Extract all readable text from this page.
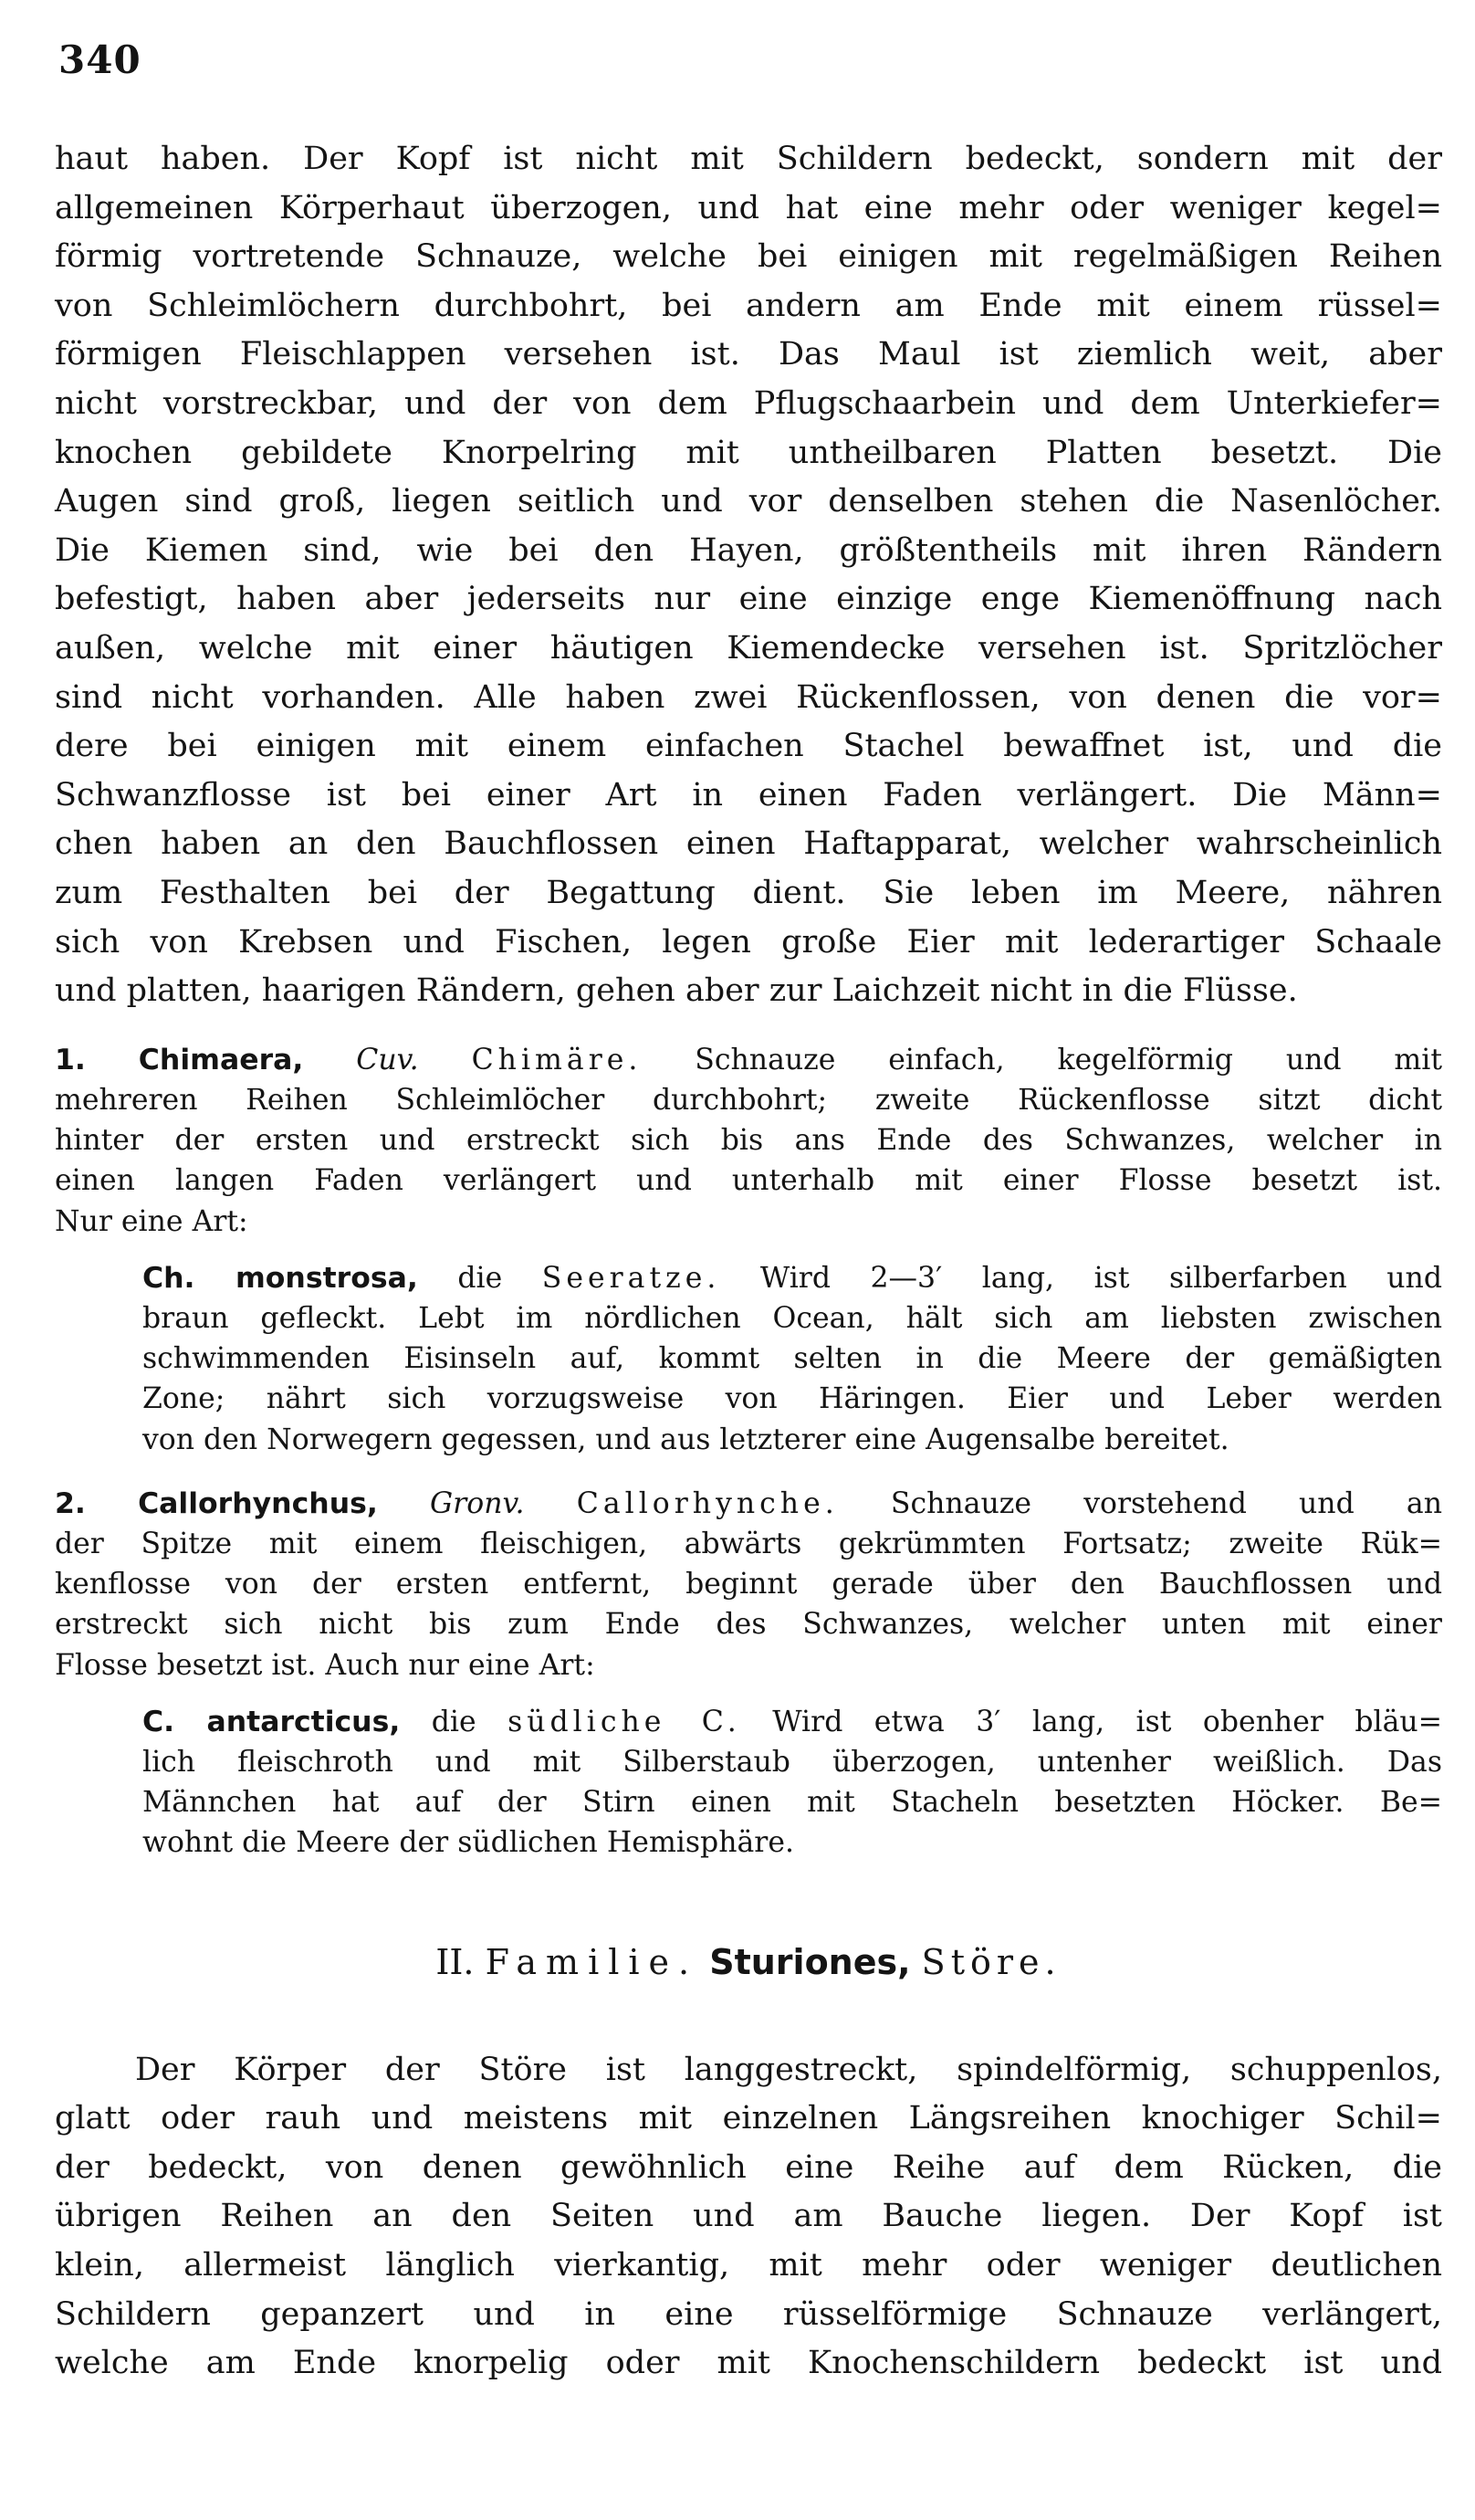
340
haut haben. Der Kopf ist nicht mit Schildern bedeckt, sondern mit der
allgemeinen Körperhaut überzogen, und hat eine mehr oder weniger kegel=
förmig vortretende Schnauze, welche bei einigen mit regelmäßigen Reihen
von Schleimlöchern durchbohrt, bei andern am Ende mit einem rüssel=
förmigen Fleischlappen versehen ist. Das Maul ist ziemlich weit, aber
nicht vorstreckbar, und der von dem Pflugschaarbein und dem Unterkiefer=
knochen gebildete Knorpelring mit untheilbaren Platten besetzt. Die
Augen sind groß, liegen seitlich und vor denselben stehen die Nasenlöcher.
Die Kiemen sind, wie bei den Hayen, größtentheils mit ihren Rändern
befestigt, haben aber jederseits nur eine einzige enge Kiemenöffnung nach
außen, welche mit einer häutigen Kiemendecke versehen ist. Spritzlöcher
sind nicht vorhanden. Alle haben zwei Rückenflossen, von denen die vor=
dere bei einigen mit einem einfachen Stachel bewaffnet ist, und die
Schwanzflosse ist bei einer Art in einen Faden verlängert. Die Männ=
chen haben an den Bauchflossen einen Haftapparat, welcher wahrscheinlich
zum Festhalten bei der Begattung dient. Sie leben im Meere, nähren
sich von Krebsen und Fischen, legen große Eier mit lederartiger Schaale
und platten, haarigen Rändern, gehen aber zur Laichzeit nicht in die Flüsse.
1. Chimaera, Cuv. Chimäre. Schnauze einfach, kegelförmig und mit
mehreren Reihen Schleimlöcher durchbohrt; zweite Rückenflosse sitzt dicht
hinter der ersten und erstreckt sich bis ans Ende des Schwanzes, welcher in
einen langen Faden verlängert und unterhalb mit einer Flosse besetzt ist.
Nur eine Art:
Ch. monstrosa, die Seeratze. Wird 2—3′ lang, ist silberfarben und
braun gefleckt. Lebt im nördlichen Ocean, hält sich am liebsten zwischen
schwimmenden Eisinseln auf, kommt selten in die Meere der gemäßigten
Zone; nährt sich vorzugsweise von Häringen. Eier und Leber werden
von den Norwegern gegessen, und aus letzterer eine Augensalbe bereitet.
2. Callorhynchus, Gronv. Callorhynche. Schnauze vorstehend und an
der Spitze mit einem fleischigen, abwärts gekrümmten Fortsatz; zweite Rük=
kenflosse von der ersten entfernt, beginnt gerade über den Bauchflossen und
erstreckt sich nicht bis zum Ende des Schwanzes, welcher unten mit einer
Flosse besetzt ist. Auch nur eine Art:
C. antarcticus, die südliche C. Wird etwa 3′ lang, ist obenher bläu=
lich fleischroth und mit Silberstaub überzogen, untenher weißlich. Das
Männchen hat auf der Stirn einen mit Stacheln besetzten Höcker. Be=
wohnt die Meere der südlichen Hemisphäre.
II. Familie. Sturiones, Störe.
Der Körper der Störe ist langgestreckt, spindelförmig, schuppenlos,
glatt oder rauh und meistens mit einzelnen Längsreihen knochiger Schil=
der bedeckt, von denen gewöhnlich eine Reihe auf dem Rücken, die
übrigen Reihen an den Seiten und am Bauche liegen. Der Kopf ist
klein, allermeist länglich vierkantig, mit mehr oder weniger deutlichen
Schildern gepanzert und in eine rüsselförmige Schnauze verlängert,
welche am Ende knorpelig oder mit Knochenschildern bedeckt ist und
